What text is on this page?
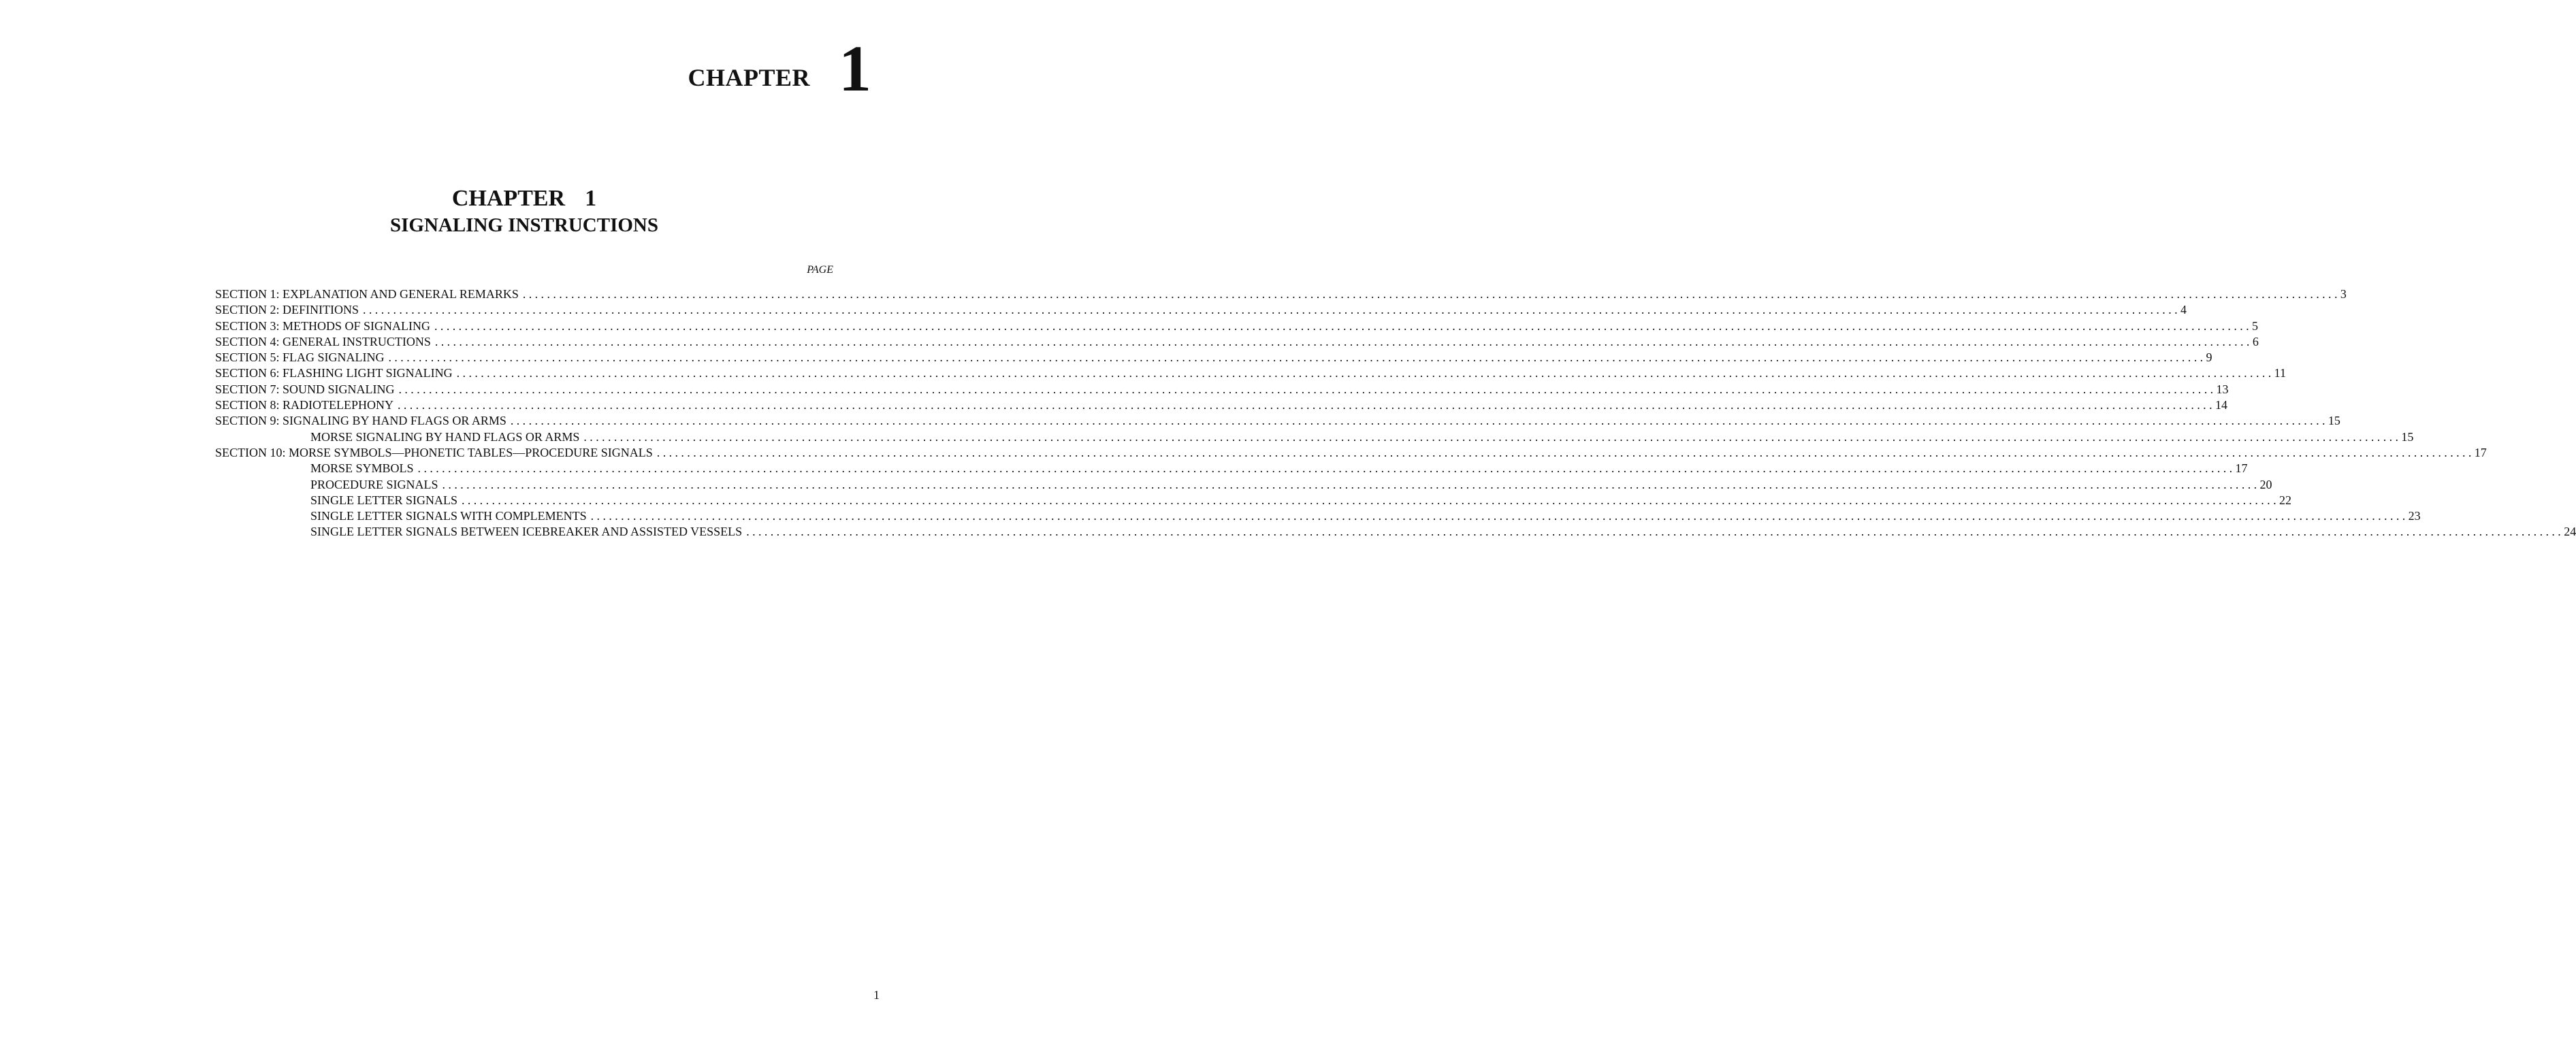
CHAPTER 1
CHAPTER  1
SIGNALING INSTRUCTIONS
PAGE
SECTION 1: EXPLANATION AND GENERAL REMARKS ............................................................................................................................................................................................................................................................................................................ 3
SECTION 2: DEFINITIONS ............................................................................................................................................................................................................................................................................................................ 4
SECTION 3: METHODS OF SIGNALING ............................................................................................................................................................................................................................................................................................................ 5
SECTION 4: GENERAL INSTRUCTIONS ............................................................................................................................................................................................................................................................................................................ 6
SECTION 5: FLAG SIGNALING ............................................................................................................................................................................................................................................................................................................ 9
SECTION 6: FLASHING LIGHT SIGNALING ............................................................................................................................................................................................................................................................................................................ 11
SECTION 7: SOUND SIGNALING ............................................................................................................................................................................................................................................................................................................ 13
SECTION 8: RADIOTELEPHONY ............................................................................................................................................................................................................................................................................................................ 14
SECTION 9: SIGNALING BY HAND FLAGS OR ARMS ............................................................................................................................................................................................................................................................................................................ 15
MORSE SIGNALING BY HAND FLAGS OR ARMS ............................................................................................................................................................................................................................................................................................................ 15
SECTION 10: MORSE SYMBOLS—PHONETIC TABLES—PROCEDURE SIGNALS ............................................................................................................................................................................................................................................................................................................ 17
MORSE SYMBOLS ............................................................................................................................................................................................................................................................................................................ 17
PROCEDURE SIGNALS ............................................................................................................................................................................................................................................................................................................ 20
SINGLE LETTER SIGNALS ............................................................................................................................................................................................................................................................................................................ 22
SINGLE LETTER SIGNALS WITH COMPLEMENTS ............................................................................................................................................................................................................................................................................................................ 23
SINGLE LETTER SIGNALS BETWEEN ICEBREAKER AND ASSISTED VESSELS ............................................................................................................................................................................................................................................................................................................ 24
1
